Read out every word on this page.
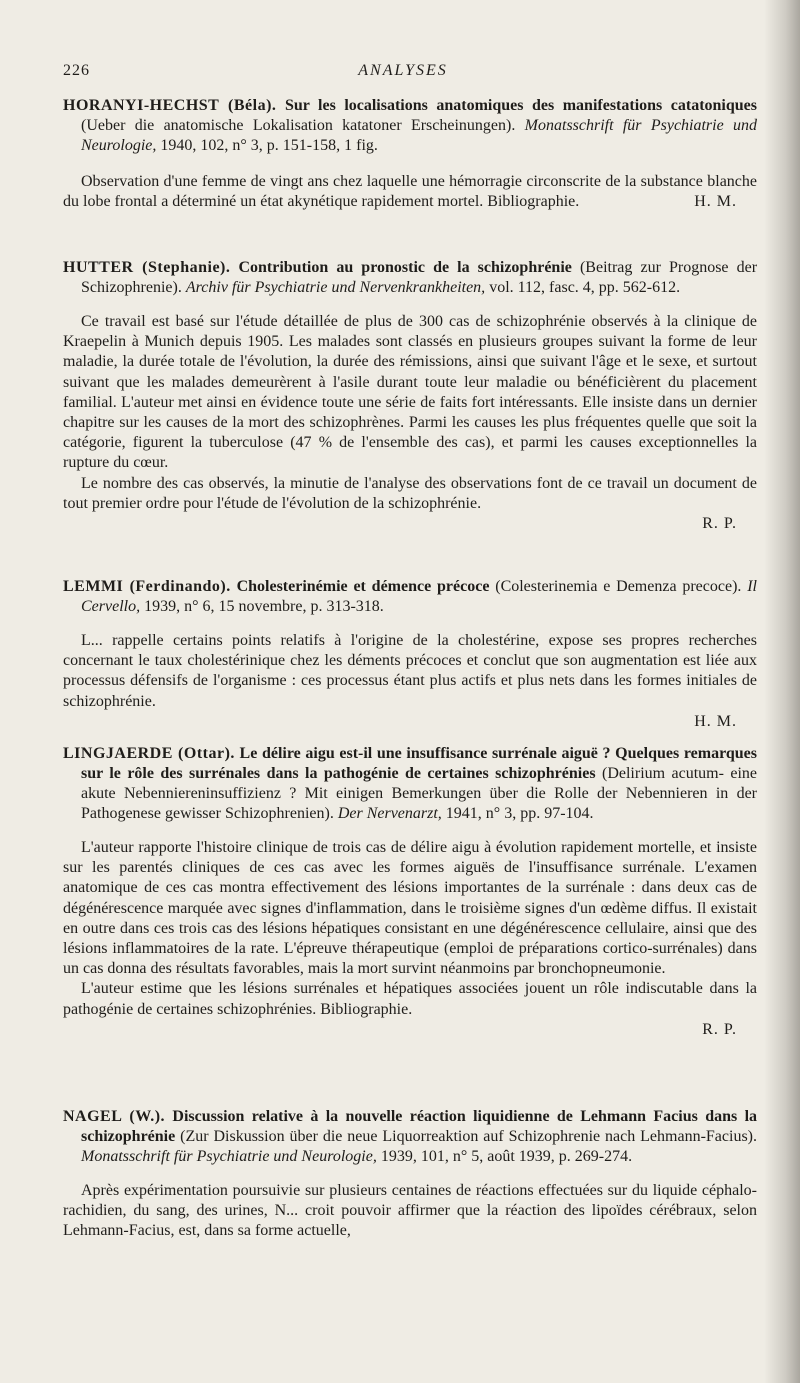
226	ANALYSES

HORANYI-HECHST (Béla). Sur les localisations anatomiques des manifestations catatoniques (Ueber die anatomische Lokalisation katatoner Erscheinungen). Monatsschrift für Psychiatrie und Neurologie, 1940, 102, n° 3, p. 151-158, 1 fig.

Observation d'une femme de vingt ans chez laquelle une hémorragie circonscrite de la substance blanche du lobe frontal a déterminé un état akynétique rapidement mortel. Bibliographie.	H. M.

HUTTER (Stephanie). Contribution au pronostic de la schizophrénie (Beitrag zur Prognose der Schizophrenie). Archiv für Psychiatrie und Nervenkrankheiten, vol. 112, fasc. 4, pp. 562-612.

Ce travail est basé sur l'étude détaillée de plus de 300 cas de schizophrénie observés à la clinique de Kraepelin à Munich depuis 1905. Les malades sont classés en plusieurs groupes suivant la forme de leur maladie, la durée totale de l'évolution, la durée des rémissions, ainsi que suivant l'âge et le sexe, et surtout suivant que les malades demeurèrent à l'asile durant toute leur maladie ou bénéficièrent du placement familial. L'auteur met ainsi en évidence toute une série de faits fort intéressants. Elle insiste dans un dernier chapitre sur les causes de la mort des schizophrènes. Parmi les causes les plus fréquentes quelle que soit la catégorie, figurent la tuberculose (47 % de l'ensemble des cas), et parmi les causes exceptionnelles la rupture du cœur.

Le nombre des cas observés, la minutie de l'analyse des observations font de ce travail un document de tout premier ordre pour l'étude de l'évolution de la schizophrénie.

R. P.

LEMMI (Ferdinando). Cholesterinémie et démence précoce (Colesterinemia e Demenza precoce). Il Cervello, 1939, n° 6, 15 novembre, p. 313-318.

L... rappelle certains points relatifs à l'origine de la cholestérine, expose ses propres recherches concernant le taux cholestérinique chez les déments précoces et conclut que son augmentation est liée aux processus défensifs de l'organisme : ces processus étant plus actifs et plus nets dans les formes initiales de schizophrénie.

H. M.

LINGJAERDE (Ottar). Le délire aigu est-il une insuffisance surrénale aiguë ? Quelques remarques sur le rôle des surrénales dans la pathogénie de certaines schizophrénies (Delirium acutum- eine akute Nebenniereninsuffizienz ? Mit einigen Bemerkungen über die Rolle der Nebennieren in der Pathogenese gewisser Schizophrenien). Der Nervenarzt, 1941, n° 3, pp. 97-104.

L'auteur rapporte l'histoire clinique de trois cas de délire aigu à évolution rapidement mortelle, et insiste sur les parentés cliniques de ces cas avec les formes aiguës de l'insuffisance surrénale. L'examen anatomique de ces cas montra effectivement des lésions importantes de la surrénale : dans deux cas de dégénérescence marquée avec signes d'inflammation, dans le troisième signes d'un œdème diffus. Il existait en outre dans ces trois cas des lésions hépatiques consistant en une dégénérescence cellulaire, ainsi que des lésions inflammatoires de la rate. L'épreuve thérapeutique (emploi de préparations cortico-surrénales) dans un cas donna des résultats favorables, mais la mort survint néanmoins par bronchopneumonie.

L'auteur estime que les lésions surrénales et hépatiques associées jouent un rôle indiscutable dans la pathogénie de certaines schizophrénies. Bibliographie.

R. P.

NAGEL (W.). Discussion relative à la nouvelle réaction liquidienne de Lehmann Facius dans la schizophrénie (Zur Diskussion über die neue Liquorreaktion auf Schizophrenie nach Lehmann-Facius). Monatsschrift für Psychiatrie und Neurologie, 1939, 101, n° 5, août 1939, p. 269-274.

Après expérimentation poursuivie sur plusieurs centaines de réactions effectuées sur du liquide céphalo-rachidien, du sang, des urines, N... croit pouvoir affirmer que la réaction des lipoïdes cérébraux, selon Lehmann-Facius, est, dans sa forme actuelle,
